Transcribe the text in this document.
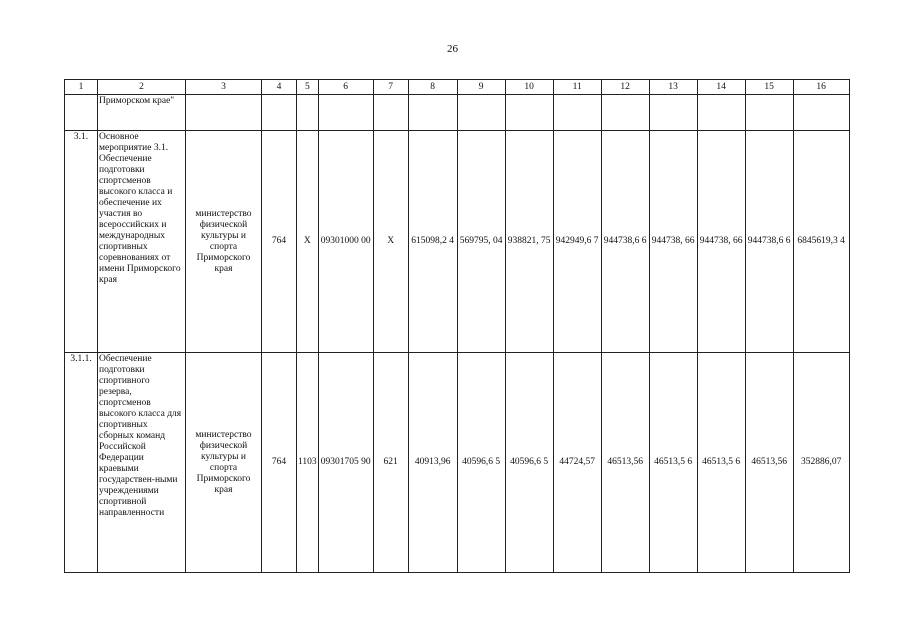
26
1	2	3	4	5	6	7	8	9	10	11	12	13	14	15	16
	Приморском крае"														
3.1.	Основное мероприятие 3.1. Обеспечение подготовки спортсменов высокого класса и обеспечение их участия во всероссийских и международных спортивных соревнованиях от имени Приморского края	министерство физической культуры и спорта Приморского края	764	X	09301000 00	X	615098,2 4	569795, 04	938821, 75	942949,6 7	944738,6 6	944738, 66	944738, 66	944738,6 6	6845619,3 4
3.1.1.	Обеспечение подготовки спортивного резерва, спортсменов высокого класса для спортивных сборных команд Российской Федерации краевыми государствен-ными учреждениями спортивной направленности	министерство физической культуры и спорта Приморского края	764	1103	09301705 90	621	40913,96	40596,6 5	40596,6 5	44724,57	46513,56	46513,5 6	46513,5 6	46513,56	352886,07
